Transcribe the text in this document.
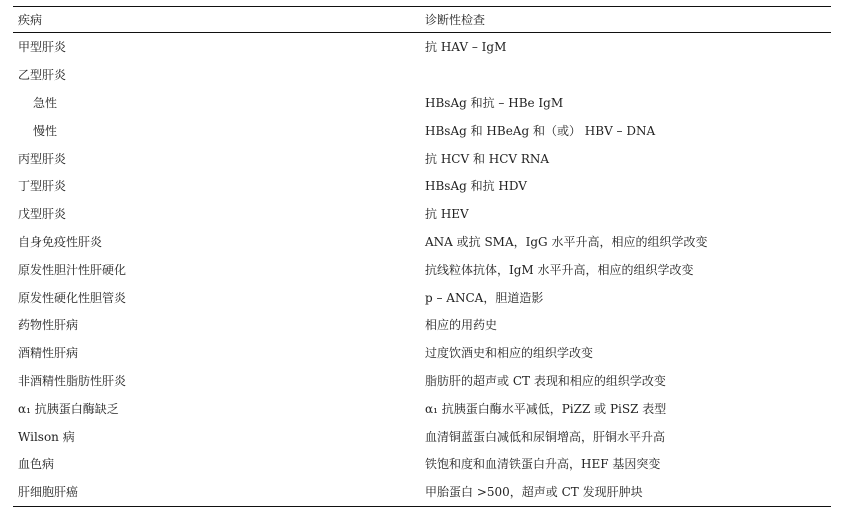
疾病	诊断性检查
甲型肝炎	抗 HAV – IgM
乙型肝炎
急性	HBsAg 和抗 – HBe IgM
慢性	HBsAg 和 HBeAg 和（或） HBV – DNA
丙型肝炎	抗 HCV 和 HCV RNA
丁型肝炎	HBsAg 和抗 HDV
戊型肝炎	抗 HEV
自身免疫性肝炎	ANA 或抗 SMA，IgG 水平升高，相应的组织学改变
原发性胆汁性肝硬化	抗线粒体抗体，IgM 水平升高，相应的组织学改变
原发性硬化性胆管炎	p – ANCA，胆道造影
药物性肝病	相应的用药史
酒精性肝病	过度饮酒史和相应的组织学改变
非酒精性脂肪性肝炎	脂肪肝的超声或 CT 表现和相应的组织学改变
α₁ 抗胰蛋白酶缺乏	α₁ 抗胰蛋白酶水平减低，PiZZ 或 PiSZ 表型
Wilson 病	血清铜蓝蛋白减低和尿铜增高，肝铜水平升高
血色病	铁饱和度和血清铁蛋白升高，HEF 基因突变
肝细胞肝癌	甲胎蛋白 >500，超声或 CT 发现肝肿块
